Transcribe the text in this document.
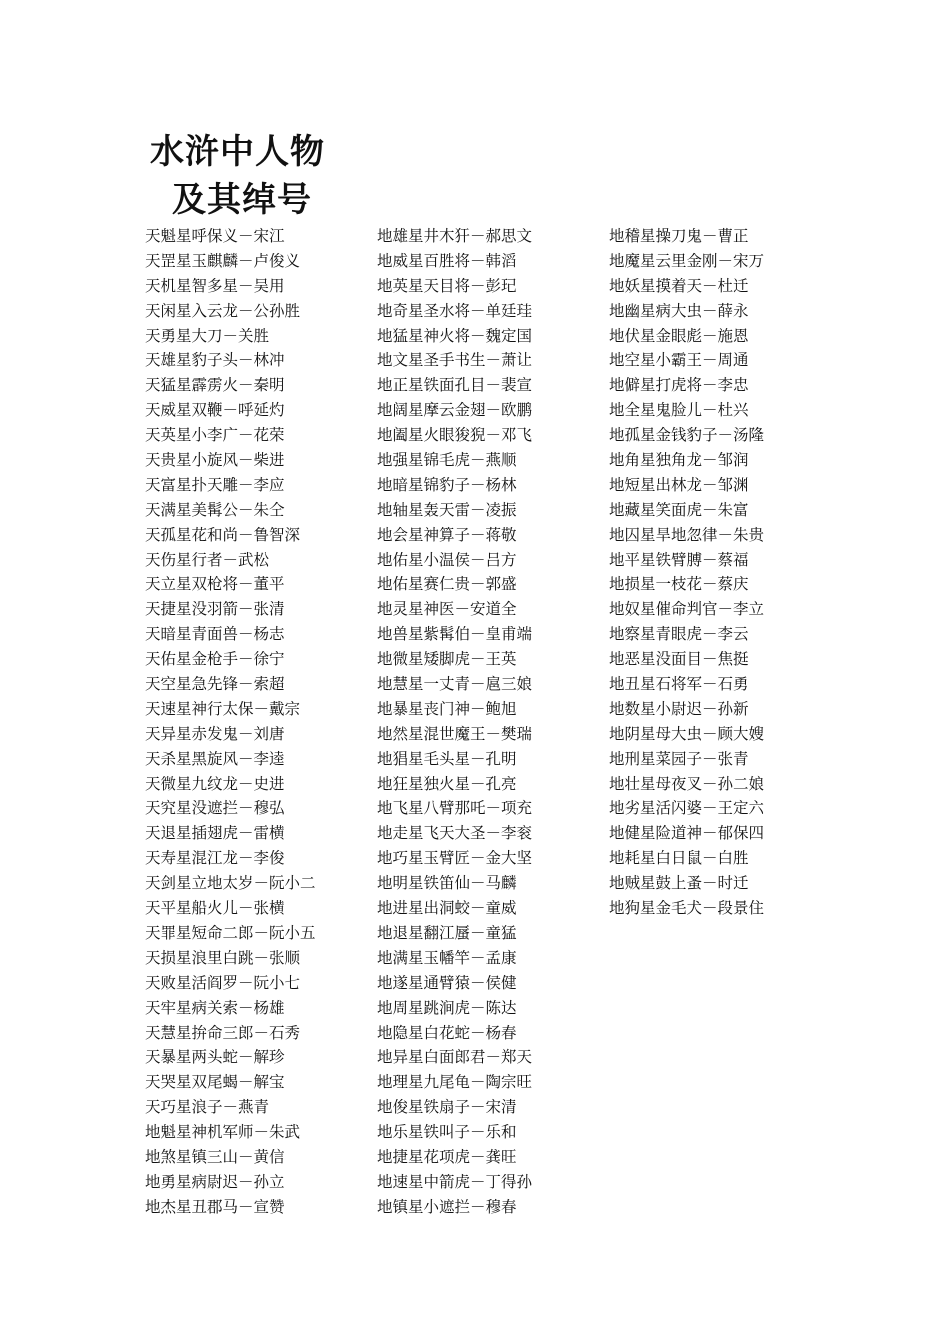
水浒中人物
及其绰号
天魁星呼保义－宋江
天罡星玉麒麟－卢俊义
天机星智多星－吴用
天闲星入云龙－公孙胜
天勇星大刀－关胜
天雄星豹子头－林冲
天猛星霹雳火－秦明
天威星双鞭－呼延灼
天英星小李广－花荣
天贵星小旋风－柴进
天富星扑天雕－李应
天满星美髯公－朱仝
天孤星花和尚－鲁智深
天伤星行者－武松
天立星双枪将－董平
天捷星没羽箭－张清
天暗星青面兽－杨志
天佑星金枪手－徐宁
天空星急先锋－索超
天速星神行太保－戴宗
天异星赤发鬼－刘唐
天杀星黑旋风－李逵
天微星九纹龙－史进
天究星没遮拦－穆弘
天退星插翅虎－雷横
天寿星混江龙－李俊
天剑星立地太岁－阮小二
天平星船火儿－张横
天罪星短命二郎－阮小五
天损星浪里白跳－张顺
天败星活阎罗－阮小七
天牢星病关索－杨雄
天慧星拚命三郎－石秀
天暴星两头蛇－解珍
天哭星双尾蝎－解宝
天巧星浪子－燕青
地魁星神机军师－朱武
地煞星镇三山－黄信
地勇星病尉迟－孙立
地杰星丑郡马－宣赞
地雄星井木犴－郝思文
地威星百胜将－韩滔
地英星天目将－彭玘
地奇星圣水将－单廷珪
地猛星神火将－魏定国
地文星圣手书生－萧让
地正星铁面孔目－裴宣
地阔星摩云金翅－欧鹏
地阖星火眼狻猊－邓飞
地强星锦毛虎－燕顺
地暗星锦豹子－杨林
地轴星轰天雷－凌振
地会星神算子－蒋敬
地佑星小温侯－吕方
地佑星赛仁贵－郭盛
地灵星神医－安道全
地兽星紫髯伯－皇甫端
地微星矮脚虎－王英
地慧星一丈青－扈三娘
地暴星丧门神－鲍旭
地然星混世魔王－樊瑞
地猖星毛头星－孔明
地狂星独火星－孔亮
地飞星八臂那吒－项充
地走星飞天大圣－李衮
地巧星玉臂匠－金大坚
地明星铁笛仙－马麟
地进星出洞蛟－童威
地退星翻江蜃－童猛
地满星玉幡竿－孟康
地遂星通臂猿－侯健
地周星跳涧虎－陈达
地隐星白花蛇－杨春
地异星白面郎君－郑天
地理星九尾龟－陶宗旺
地俊星铁扇子－宋清
地乐星铁叫子－乐和
地捷星花项虎－龚旺
地速星中箭虎－丁得孙
地镇星小遮拦－穆春
地稽星操刀鬼－曹正
地魔星云里金刚－宋万
地妖星摸着天－杜迁
地幽星病大虫－薛永
地伏星金眼彪－施恩
地空星小霸王－周通
地僻星打虎将－李忠
地全星鬼脸儿－杜兴
地孤星金钱豹子－汤隆
地角星独角龙－邹润
地短星出林龙－邹渊
地藏星笑面虎－朱富
地囚星旱地忽律－朱贵
地平星铁臂膊－蔡福
地损星一枝花－蔡庆
地奴星催命判官－李立
地察星青眼虎－李云
地恶星没面目－焦挺
地丑星石将军－石勇
地数星小尉迟－孙新
地阴星母大虫－顾大嫂
地刑星菜园子－张青
地壮星母夜叉－孙二娘
地劣星活闪婆－王定六
地健星险道神－郁保四
地耗星白日鼠－白胜
地贼星鼓上蚤－时迁
地狗星金毛犬－段景住
